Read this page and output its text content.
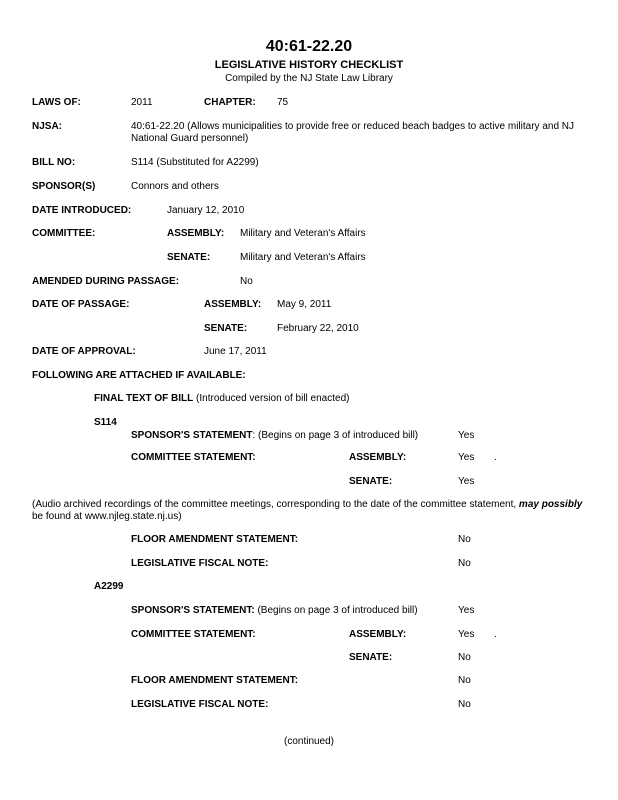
40:61-22.20
LEGISLATIVE HISTORY CHECKLIST
Compiled by the NJ State Law Library
LAWS OF:	2011	CHAPTER: 75
NJSA:	40:61-22.20 (Allows municipalities to provide free or reduced beach badges to active military and NJ
National Guard personnel)
BILL NO:	S114 (Substituted for A2299)
SPONSOR(S)	Connors and others
DATE INTRODUCED:	January 12, 2010
COMMITTEE:	ASSEMBLY: Military and Veteran's Affairs
SENATE:	Military and Veteran's Affairs
AMENDED DURING PASSAGE:	No
DATE OF PASSAGE:	ASSEMBLY: May 9, 2011
SENATE:	February 22, 2010
DATE OF APPROVAL:	June 17, 2011
FOLLOWING ARE ATTACHED IF AVAILABLE:
FINAL TEXT OF BILL (Introduced version of bill enacted)
S114
SPONSOR'S STATEMENT: (Begins on page 3 of introduced bill)	Yes
COMMITTEE STATEMENT:	ASSEMBLY:	Yes .
SENATE:	Yes
(Audio archived recordings of the committee meetings, corresponding to the date of the committee statement, may possibly
be found at www.njleg.state.nj.us)
FLOOR AMENDMENT STATEMENT:	No
LEGISLATIVE FISCAL NOTE:	No
A2299
SPONSOR'S STATEMENT: (Begins on page 3 of introduced bill)	Yes
COMMITTEE STATEMENT:	ASSEMBLY:	Yes .
SENATE:	No
FLOOR AMENDMENT STATEMENT:	No
LEGISLATIVE FISCAL NOTE:	No
(continued)
